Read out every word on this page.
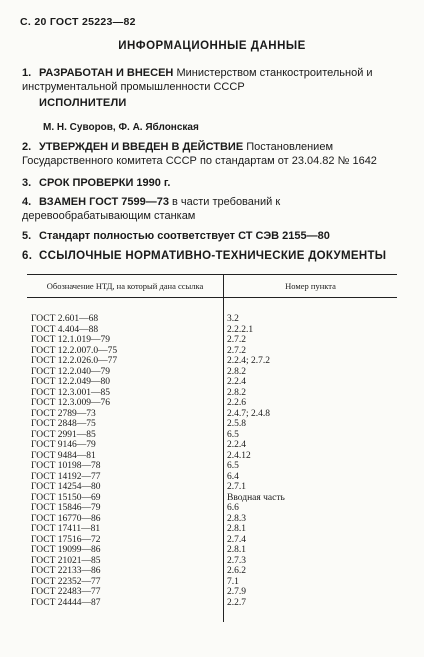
С. 20 ГОСТ 25223—82
ИНФОРМАЦИОННЫЕ ДАННЫЕ
1. РАЗРАБОТАН И ВНЕСЕН Министерством станкостроительной и инструментальной промышленности СССР
ИСПОЛНИТЕЛИ
М. Н. Суворов, Ф. А. Яблонская
2. УТВЕРЖДЕН И ВВЕДЕН В ДЕЙСТВИЕ Постановлением Государственного комитета СССР по стандартам от 23.04.82 № 1642
3. СРОК ПРОВЕРКИ 1990 г.
4. ВЗАМЕН ГОСТ 7599—73 в части требований к деревообрабатывающим станкам
5. Стандарт полностью соответствует СТ СЭВ 2155—80
6. ССЫЛОЧНЫЕ НОРМАТИВНО-ТЕХНИЧЕСКИЕ ДОКУМЕНТЫ
Обозначение НТД, на который дана ссылка	Номер пункта
ГОСТ 2.601—68	3.2
ГОСТ 4.404—88	2.2.2.1
ГОСТ 12.1.019—79	2.7.2
ГОСТ 12.2.007.0—75	2.7.2
ГОСТ 12.2.026.0—77	2.2.4; 2.7.2
ГОСТ 12.2.040—79	2.8.2
ГОСТ 12.2.049—80	2.2.4
ГОСТ 12.3.001—85	2.8.2
ГОСТ 12.3.009—76	2.2.6
ГОСТ 2789—73	2.4.7; 2.4.8
ГОСТ 2848—75	2.5.8
ГОСТ 2991—85	6.5
ГОСТ 9146—79	2.2.4
ГОСТ 9484—81	2.4.12
ГОСТ 10198—78	6.5
ГОСТ 14192—77	6.4
ГОСТ 14254—80	2.7.1
ГОСТ 15150—69	Вводная часть
ГОСТ 15846—79	6.6
ГОСТ 16770—86	2.8.3
ГОСТ 17411—81	2.8.1
ГОСТ 17516—72	2.7.4
ГОСТ 19099—86	2.8.1
ГОСТ 21021—85	2.7.3
ГОСТ 22133—86	2.6.2
ГОСТ 22352—77	7.1
ГОСТ 22483—77	2.7.9
ГОСТ 24444—87	2.2.7
